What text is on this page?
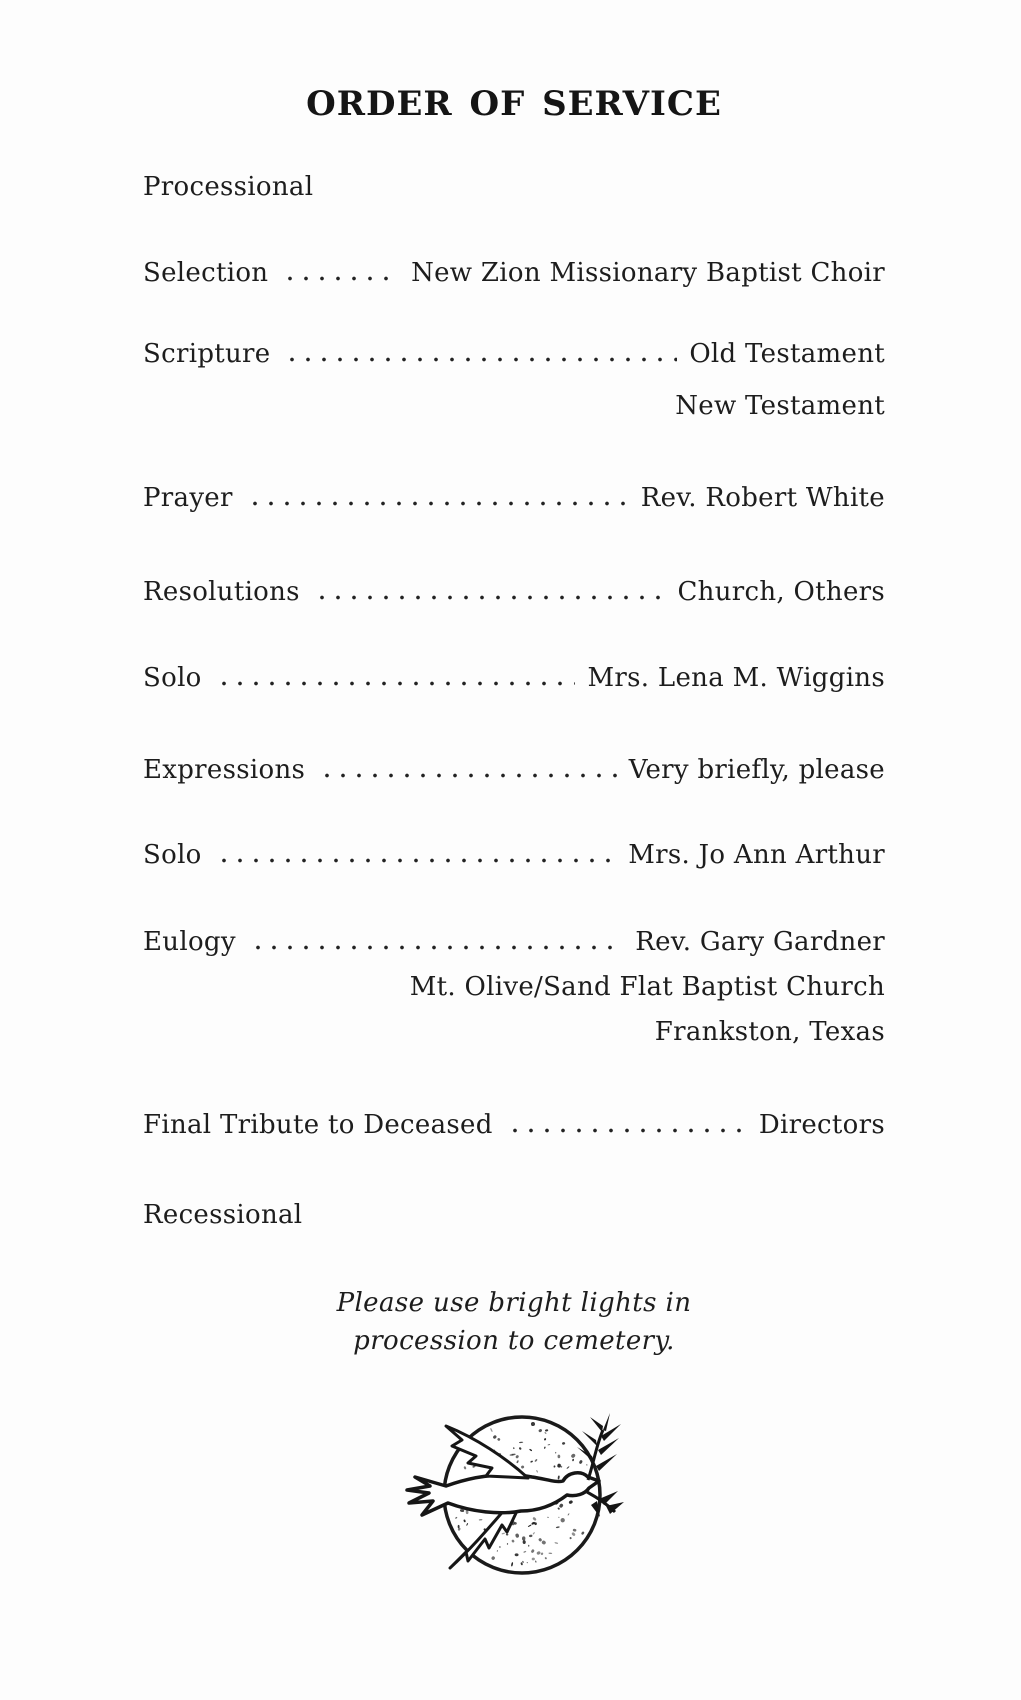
ORDER OF SERVICE
Processional
Selection	New Zion Missionary Baptist Choir
Scripture	Old Testament
New Testament
Prayer	Rev. Robert White
Resolutions	Church, Others
Solo	Mrs. Lena M. Wiggins
Expressions	Very briefly, please
Solo	Mrs. Jo Ann Arthur
Eulogy	Rev. Gary Gardner
Mt. Olive/Sand Flat Baptist Church
Frankston, Texas
Final Tribute to Deceased	Directors
Recessional
Please use bright lights in
procession to cemetery.
